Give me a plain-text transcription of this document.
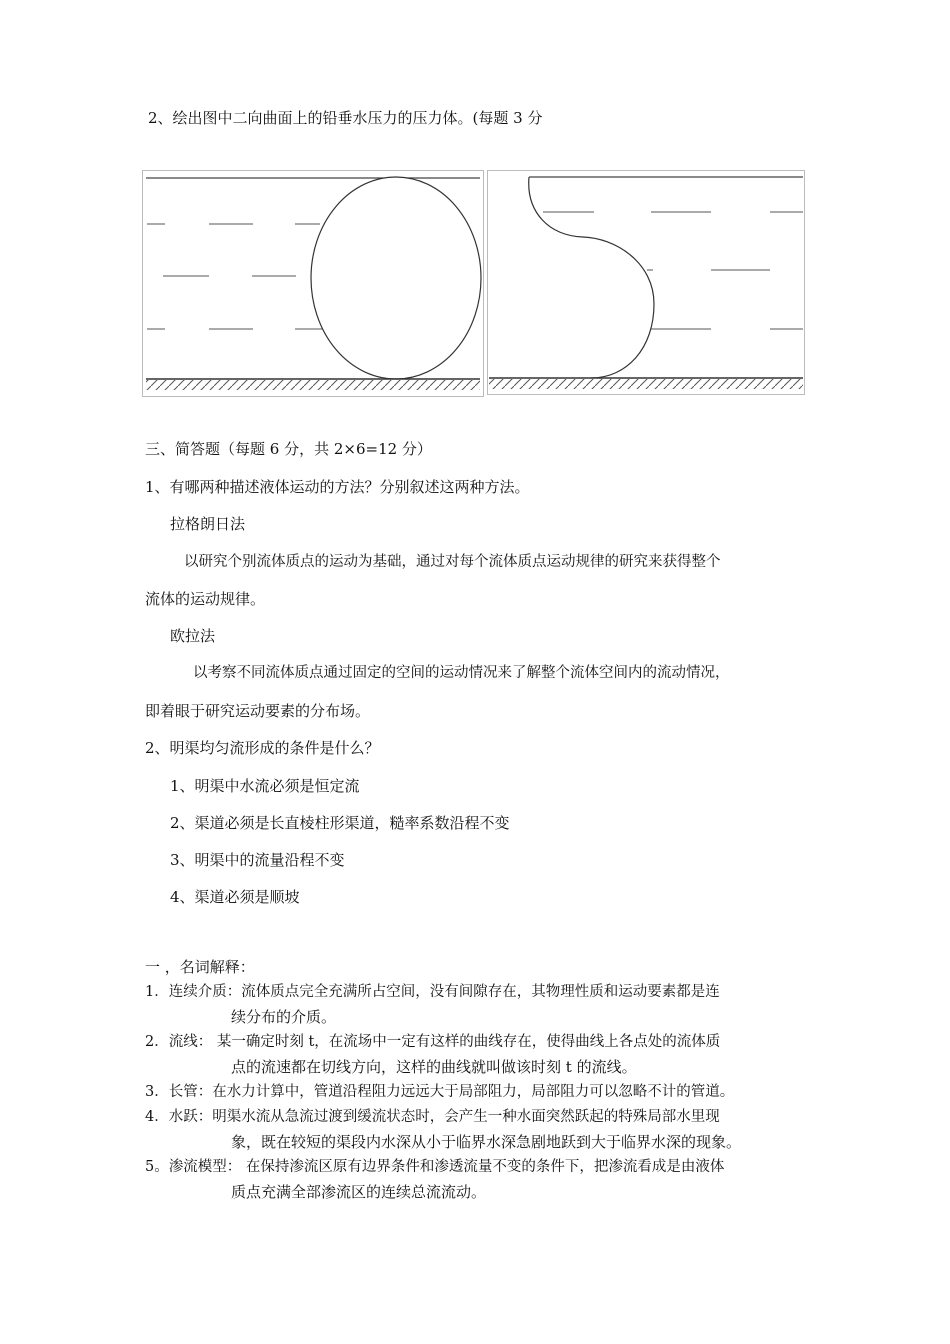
2、绘出图中二向曲面上的铅垂水压力的压力体。(每题 3 分
三、简答题（每题 6 分，共 2×6=12 分）
1、有哪两种描述液体运动的方法？分别叙述这两种方法。
拉格朗日法
以研究个别流体质点的运动为基础，通过对每个流体质点运动规律的研究来获得整个
流体的运动规律。
欧拉法
以考察不同流体质点通过固定的空间的运动情况来了解整个流体空间内的流动情况，
即着眼于研究运动要素的分布场。
2、明渠均匀流形成的条件是什么？
1、明渠中水流必须是恒定流
2、渠道必须是长直棱柱形渠道，糙率系数沿程不变
3、明渠中的流量沿程不变
4、渠道必须是顺坡
一 ，名词解释：
1．连续介质：流体质点完全充满所占空间，没有间隙存在，其物理性质和运动要素都是连
续分布的介质。
2．流线： 某一确定时刻 t，在流场中一定有这样的曲线存在，使得曲线上各点处的流体质
点的流速都在切线方向，这样的曲线就叫做该时刻 t 的流线。
3．长管：在水力计算中，管道沿程阻力远远大于局部阻力，局部阻力可以忽略不计的管道。
4．水跃：明渠水流从急流过渡到缓流状态时，会产生一种水面突然跃起的特殊局部水里现
象，既在较短的渠段内水深从小于临界水深急剧地跃到大于临界水深的现象。
5。渗流模型： 在保持渗流区原有边界条件和渗透流量不变的条件下，把渗流看成是由液体
质点充满全部渗流区的连续总流流动。
